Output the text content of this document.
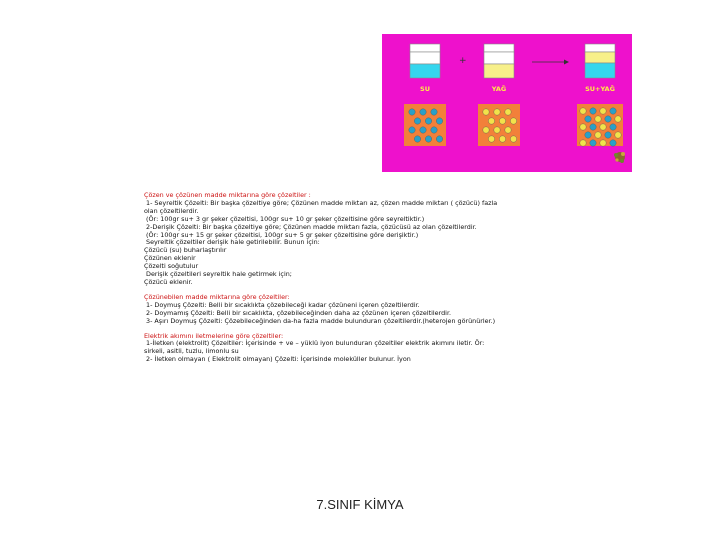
+
SU	YAĞ	SU+YAĞ
Çözen ve çözünen madde miktarına göre çözeltiler :
1- Seyreltik Çözelti: Bir başka çözeltiye göre; Çözünen madde miktarı az, çözen madde miktarı ( çözücü) fazla
olan çözeltilerdir.
(Ör: 100gr su+ 3 gr şeker çözeltisi, 100gr su+ 10 gr şeker çözeltisine göre seyreltiktir.)
2-Derişik Çözelti: Bir başka çözeltiye göre; Çözünen madde miktarı fazla, çözücüsü az olan çözeltilerdir.
(Ör: 100gr su+ 15 gr şeker çözeltisi, 100gr su+ 5 gr şeker çözeltisine göre derişiktir.)
Seyreltik çözeltiler derişik hale getirilebilir. Bunun için:
Çözücü (su) buharlaştırılır
Çözünen eklenir
Çözelti soğutulur
Derişik çözeltileri seyreltik hale getirmek için;
Çözücü eklenir.
Çözünebilen madde miktarına göre çözeltiler:
1- Doymuş Çözelti: Belli bir sıcaklıkta çözebileceği kadar çözüneni içeren çözeltilerdir.
2- Doymamış Çözelti: Belli bir sıcaklıkta, çözebileceğinden daha az çözünen içeren çözeltilerdir.
3- Aşırı Doymuş Çözelti: Çözebileceğinden da-ha fazla madde bulunduran çözeltilerdir.(heterojen görünürler.)
Elektrik akımını iletmelerine göre çözeltiler:
1-İletken (elektrolit) Çözeltiler: İçerisinde + ve – yüklü iyon bulunduran çözeltiler elektrik akımını iletir. Ör:
sirkeli, asitli, tuzlu, limonlu su
2- İletken olmayan ( Elektrolit olmayan) Çözelti: İçerisinde moleküller bulunur. İyon
7.SINIF KİMYA
